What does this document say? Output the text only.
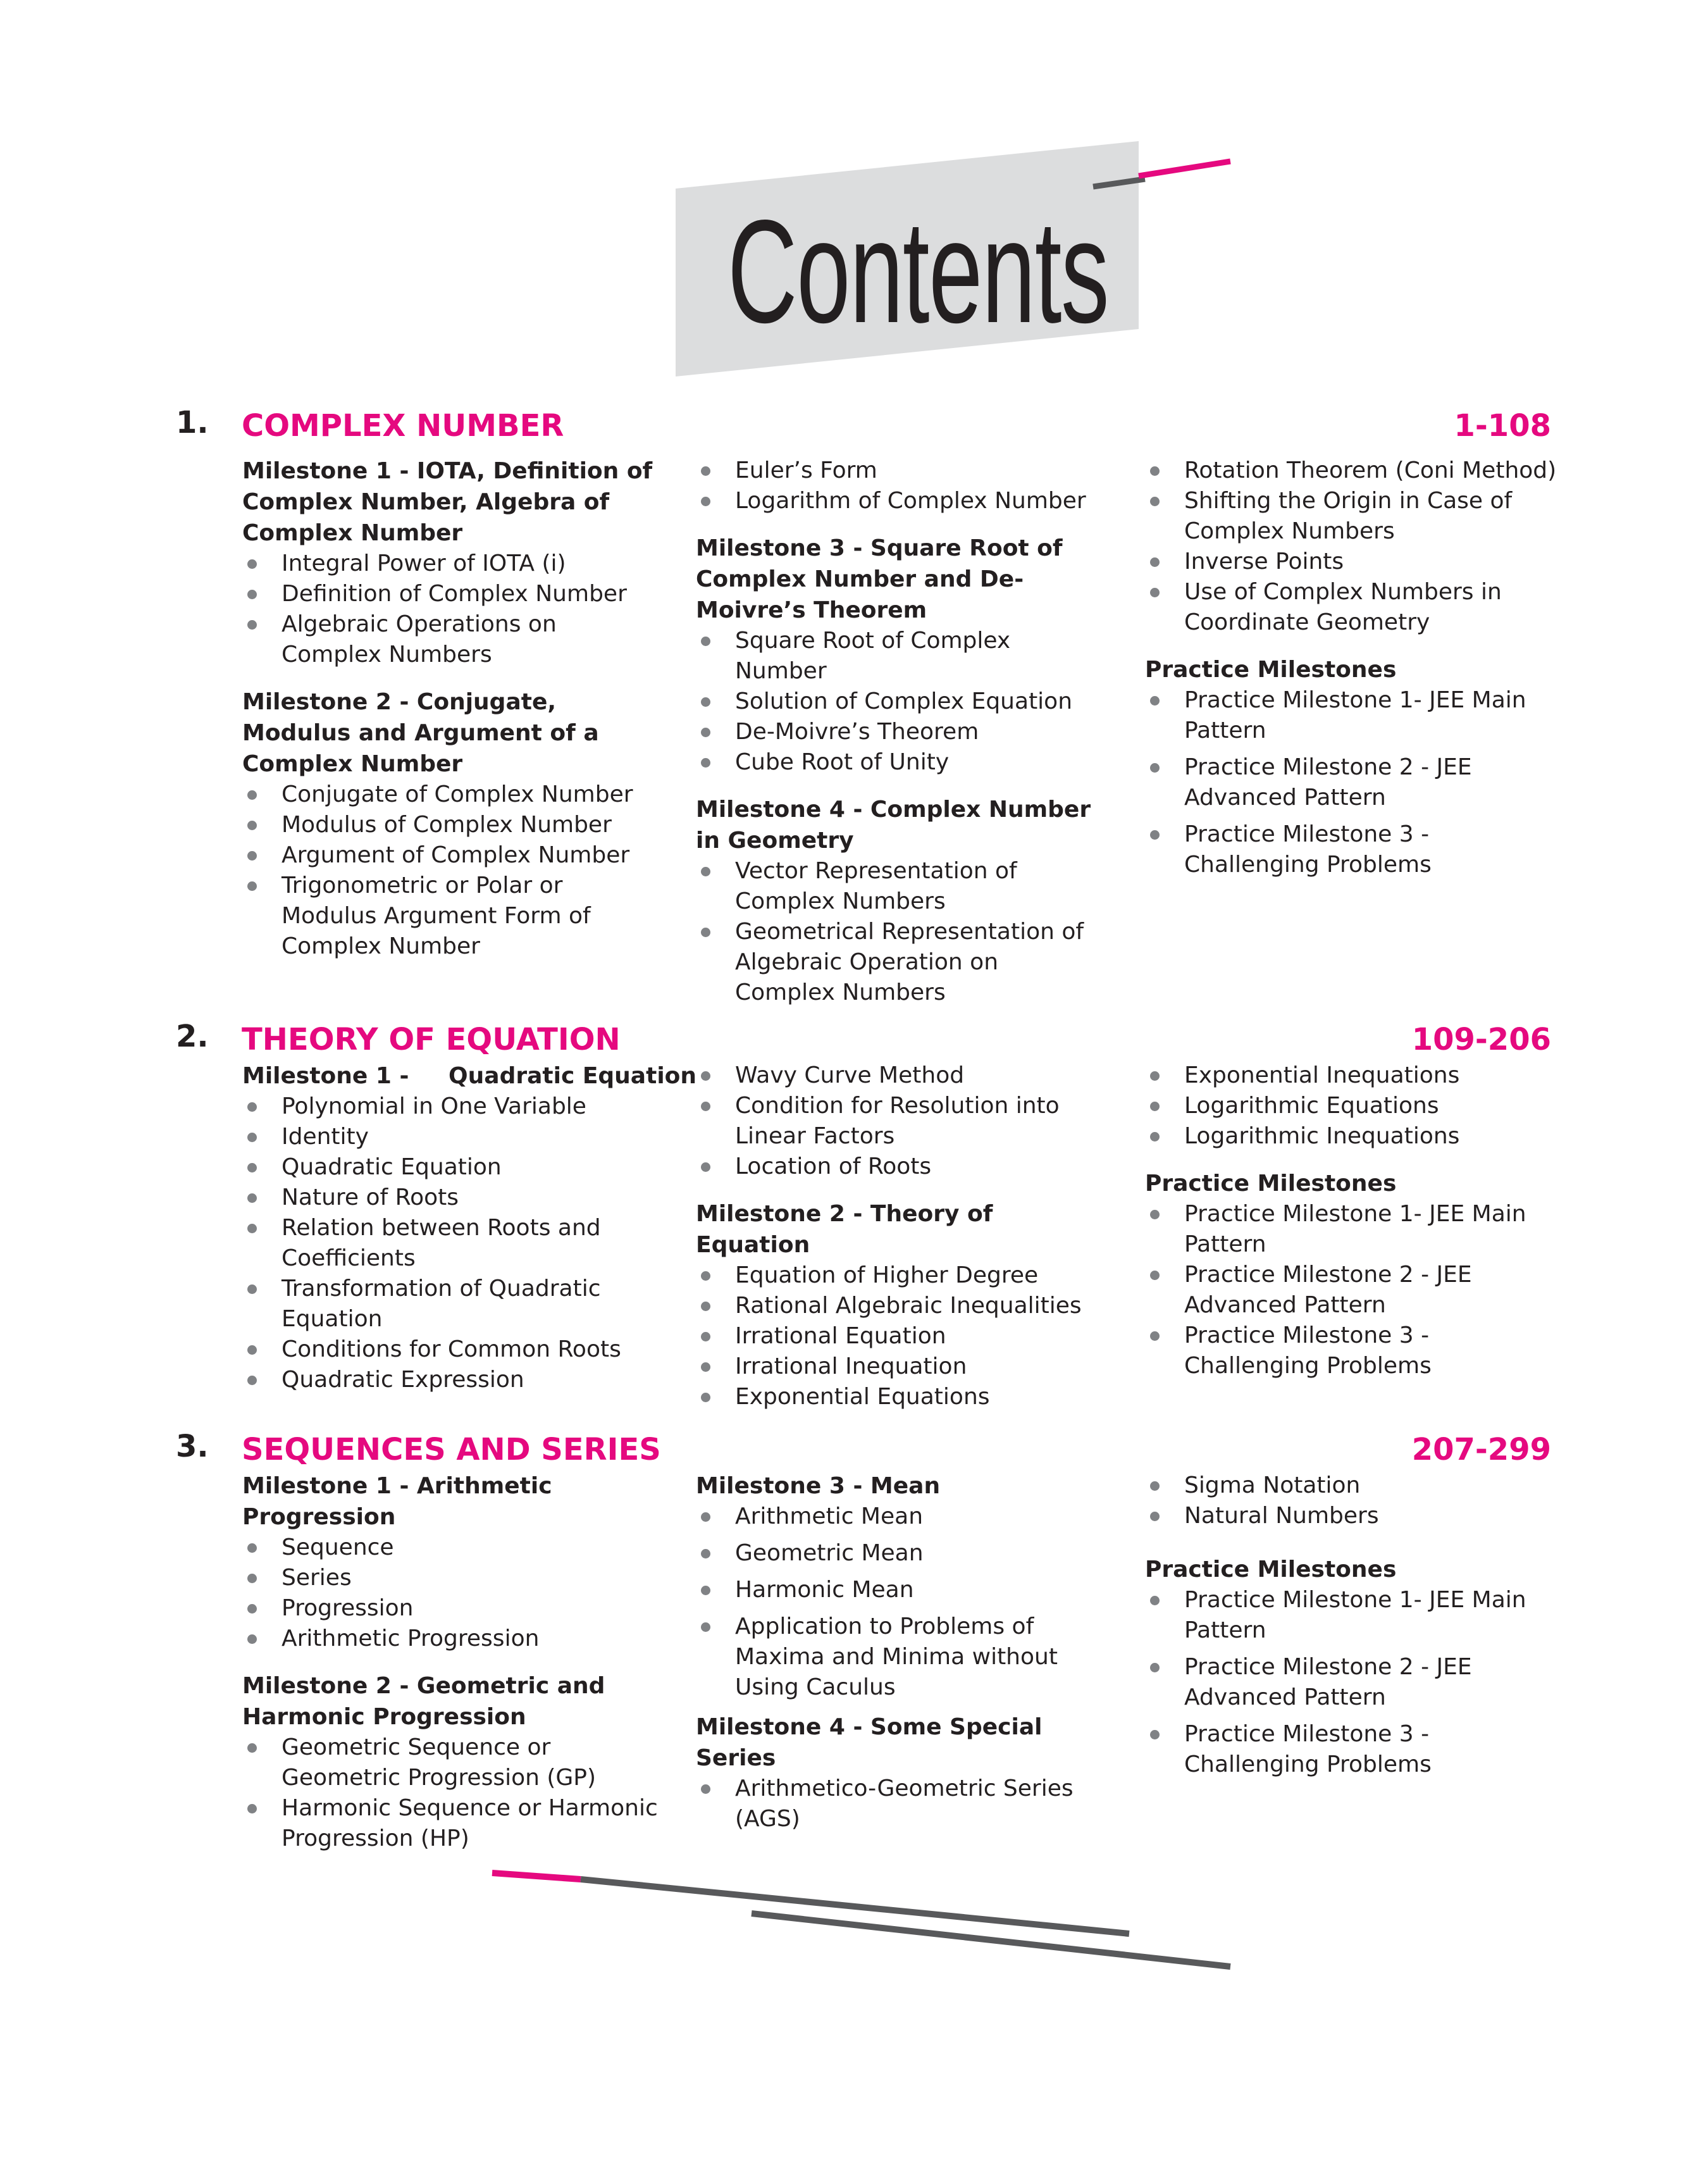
Contents
1. COMPLEX NUMBER	1-108

Milestone 1 - IOTA, Definition of Complex Number, Algebra of Complex Number

Integral Power of IOTA (i)
Definition of Complex Number
Algebraic Operations on Complex Numbers

Milestone 2 - Conjugate, Modulus and Argument of a Complex Number

Conjugate of Complex Number
Modulus of Complex Number
Argument of Complex Number
Trigonometric or Polar or Modulus Argument Form of Complex Number
Euler’s Form
Logarithm of Complex Number

Milestone 3 - Square Root of Complex Number and De-Moivre’s Theorem

Square Root of Complex Number
Solution of Complex Equation
De-Moivre’s Theorem
Cube Root of Unity

Milestone 4 - Complex Number in Geometry

Vector Representation of Complex Numbers
Geometrical Representation of Algebraic Operation on Complex Numbers
Rotation Theorem (Coni Method)
Shifting the Origin in Case of Complex Numbers
Inverse Points
Use of Complex Numbers in Coordinate Geometry

Practice Milestones

Practice Milestone 1- JEE Main Pattern
Practice Milestone 2 - JEE Advanced Pattern
Practice Milestone 3 - Challenging Problems
2. THEORY OF EQUATION	109-206

Milestone 1 -     Quadratic Equation

Polynomial in One Variable
Identity
Quadratic Equation
Nature of Roots
Relation between Roots and Coefficients
Transformation of Quadratic Equation
Conditions for Common Roots
Quadratic Expression
Wavy Curve Method
Condition for Resolution into Linear Factors
Location of Roots

Milestone 2 - Theory of Equation

Equation of Higher Degree
Rational Algebraic Inequalities
Irrational Equation
Irrational Inequation
Exponential Equations
Exponential Inequations
Logarithmic Equations
Logarithmic Inequations

Practice Milestones

Practice Milestone 1- JEE Main Pattern
Practice Milestone 2 - JEE Advanced Pattern
Practice Milestone 3 - Challenging Problems
3. SEQUENCES AND SERIES	207-299

Milestone 1 - Arithmetic Progression

Sequence
Series
Progression
Arithmetic Progression

Milestone 2 - Geometric and Harmonic Progression

Geometric Sequence or Geometric Progression (GP)
Harmonic Sequence or Harmonic Progression (HP)

Milestone 3 - Mean

Arithmetic Mean
Geometric Mean
Harmonic Mean
Application to Problems of Maxima and Minima without Using Caculus

Milestone 4 - Some Special Series

Arithmetico-Geometric Series (AGS)
Sigma Notation
Natural Numbers

Practice Milestones

Practice Milestone 1- JEE Main Pattern
Practice Milestone 2 - JEE Advanced Pattern
Practice Milestone 3 - Challenging Problems
